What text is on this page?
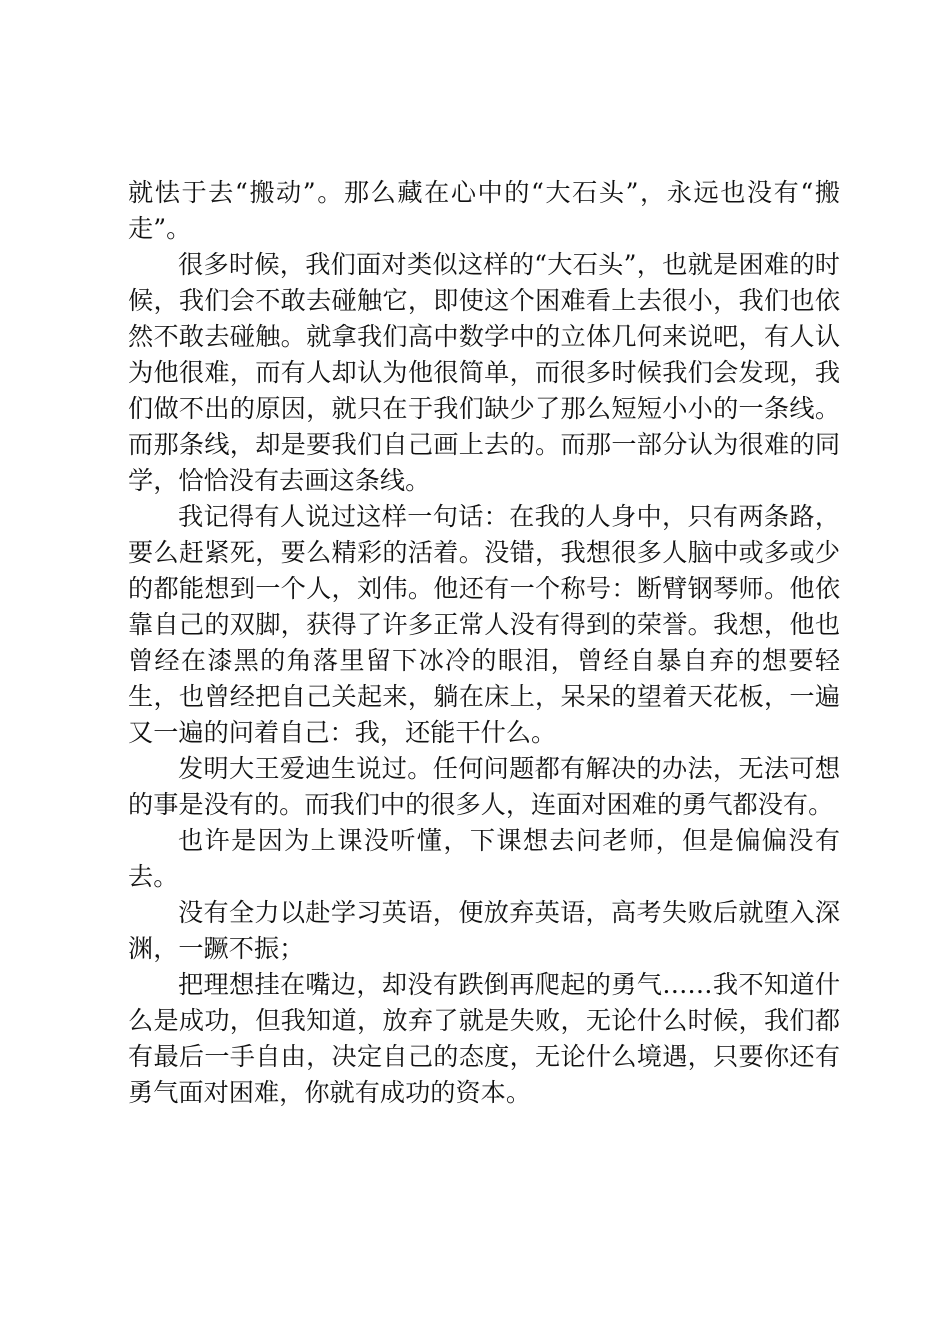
就怯于去“搬动”。那么藏在心中的“大石头”，永远也没有“搬走”。

很多时候，我们面对类似这样的“大石头”，也就是困难的时候，我们会不敢去碰触它，即使这个困难看上去很小，我们也依然不敢去碰触。就拿我们高中数学中的立体几何来说吧，有人认为他很难，而有人却认为他很简单，而很多时候我们会发现，我们做不出的原因，就只在于我们缺少了那么短短小小的一条线。而那条线，却是要我们自己画上去的。而那一部分认为很难的同学，恰恰没有去画这条线。

我记得有人说过这样一句话：在我的人身中，只有两条路，要么赶紧死，要么精彩的活着。没错，我想很多人脑中或多或少的都能想到一个人，刘伟。他还有一个称号：断臂钢琴师。他依靠自己的双脚，获得了许多正常人没有得到的荣誉。我想，他也曾经在漆黑的角落里留下冰冷的眼泪，曾经自暴自弃的想要轻生，也曾经把自己关起来，躺在床上，呆呆的望着天花板，一遍又一遍的问着自己：我，还能干什么。

发明大王爱迪生说过。任何问题都有解决的办法，无法可想的事是没有的。而我们中的很多人，连面对困难的勇气都没有。

也许是因为上课没听懂，下课想去问老师，但是偏偏没有去。

没有全力以赴学习英语，便放弃英语，高考失败后就堕入深渊，一蹶不振；

把理想挂在嘴边，却没有跌倒再爬起的勇气……我不知道什么是成功，但我知道，放弃了就是失败，无论什么时候，我们都有最后一手自由，决定自己的态度，无论什么境遇，只要你还有勇气面对困难，你就有成功的资本。
